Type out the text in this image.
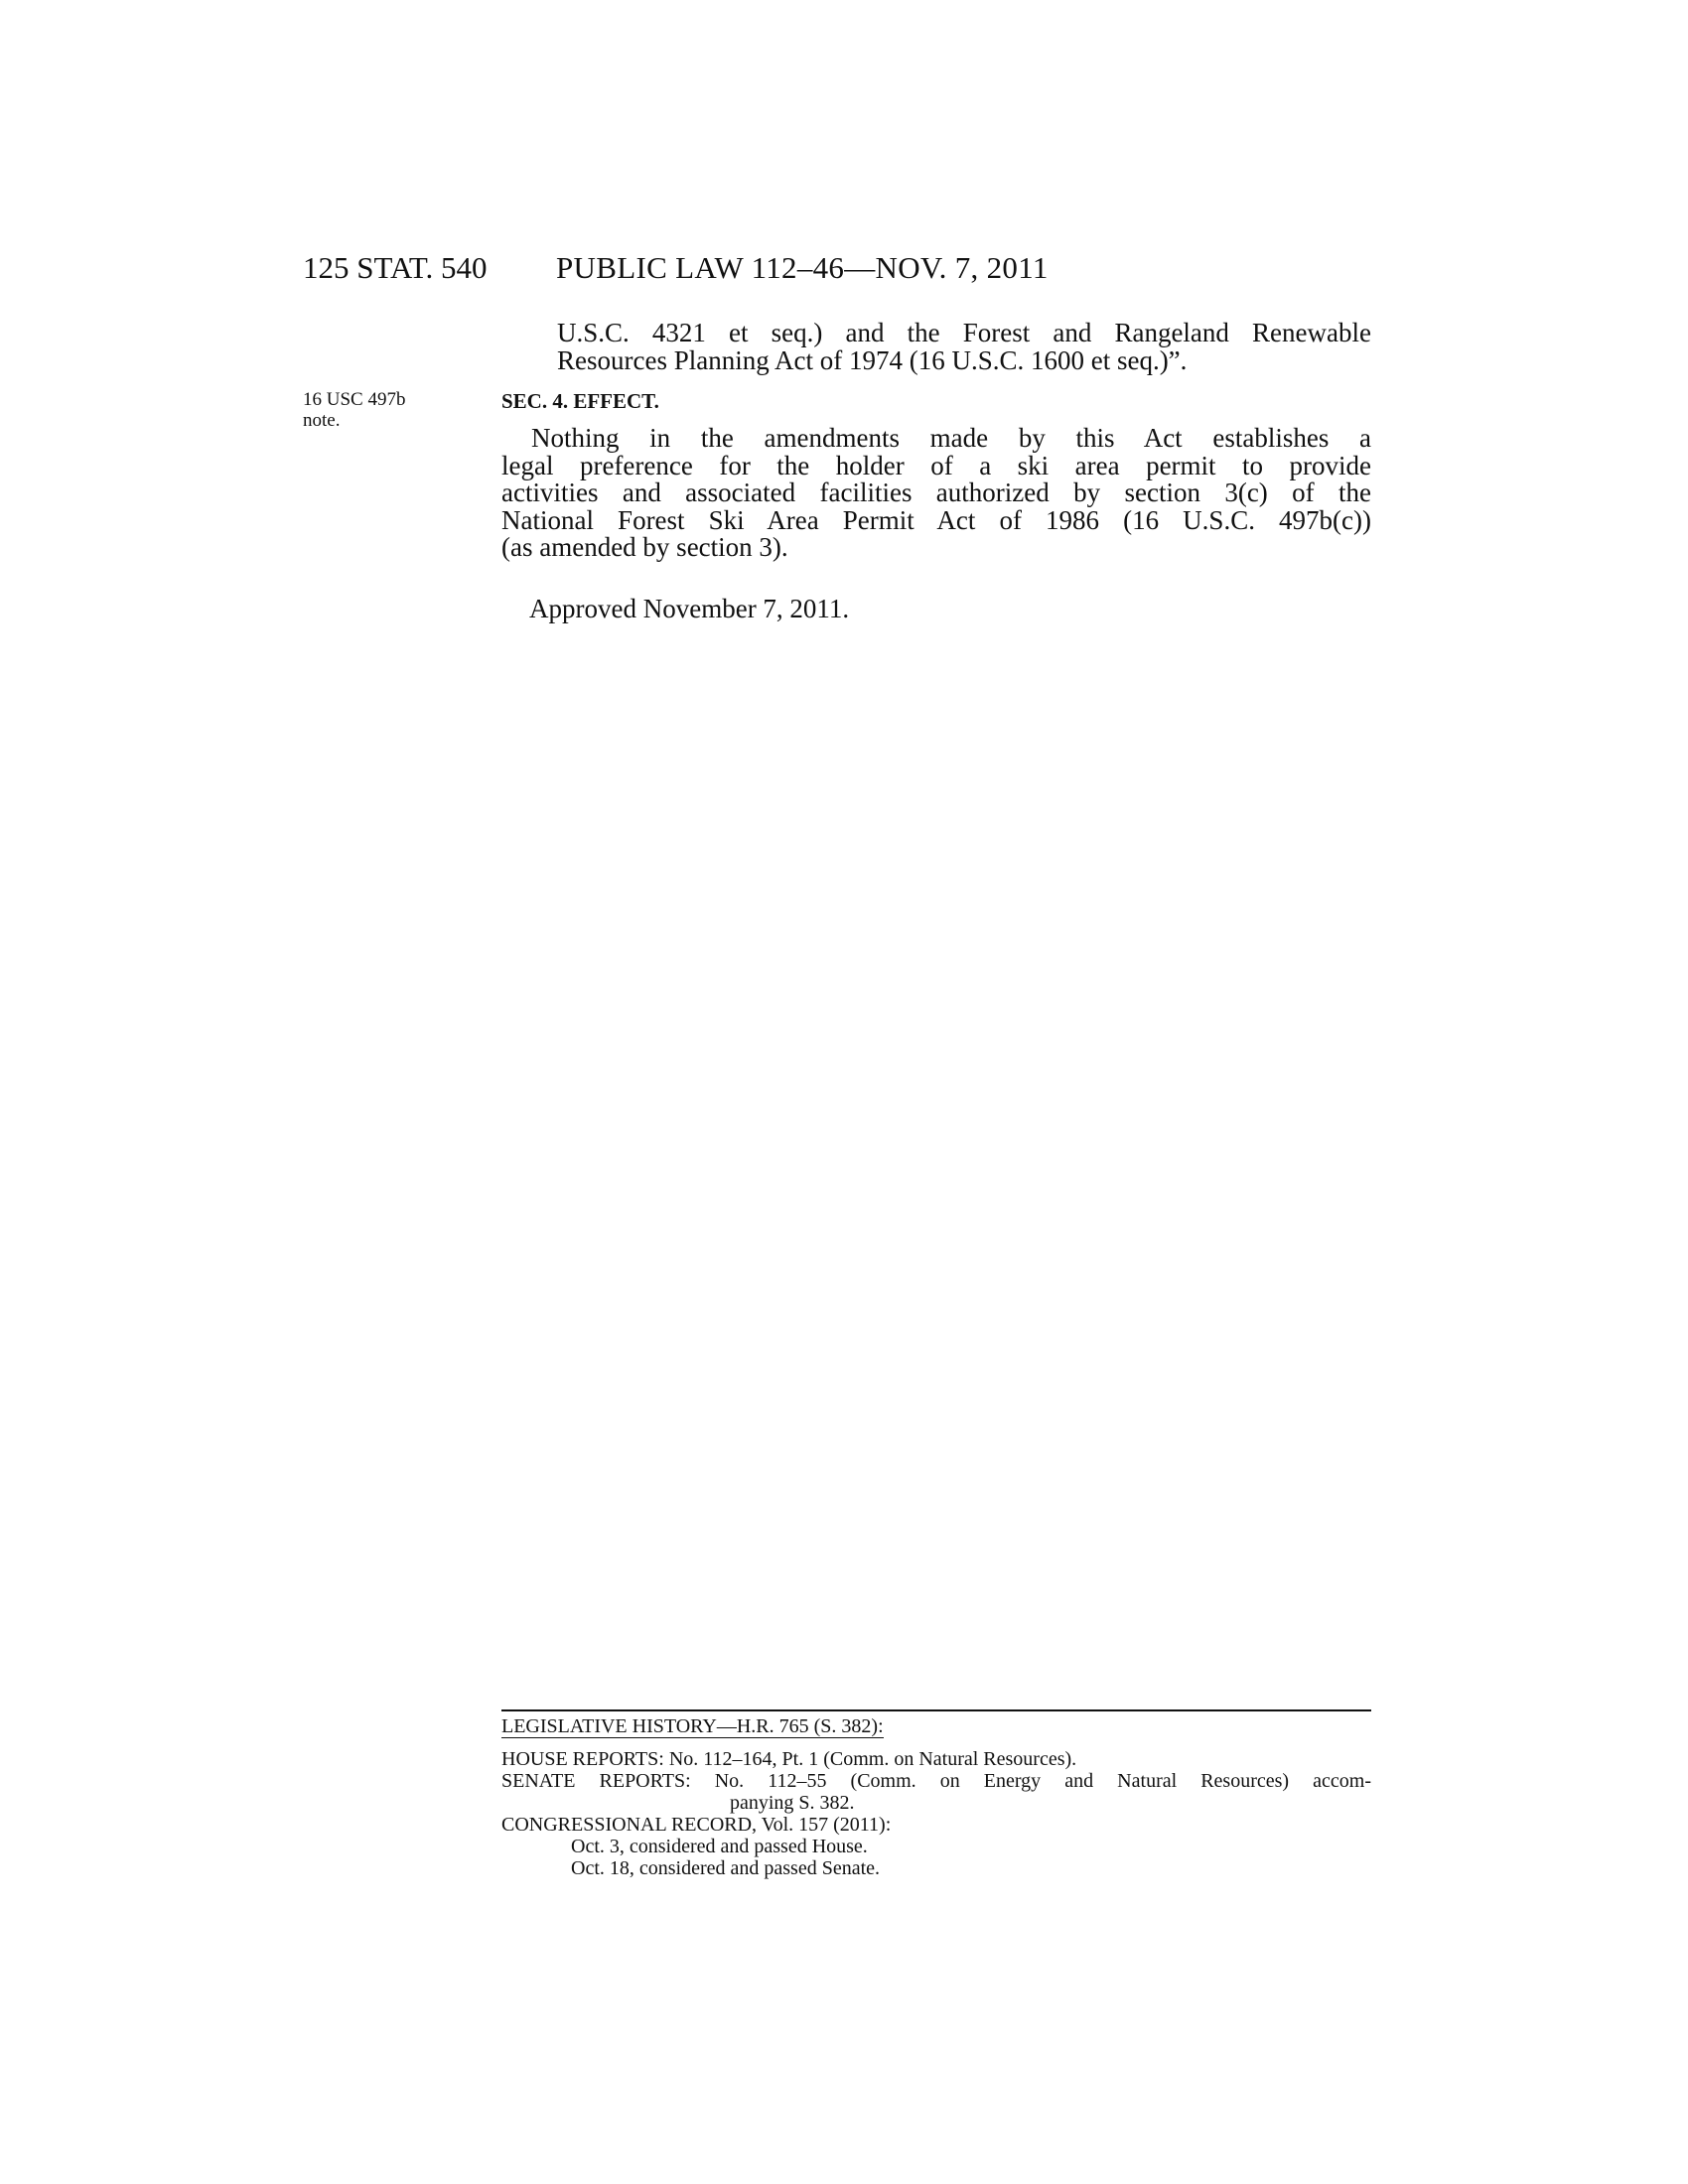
125 STAT. 540 PUBLIC LAW 112–46—NOV. 7, 2011
U.S.C. 4321 et seq.) and the Forest and Rangeland Renewable
Resources Planning Act of 1974 (16 U.S.C. 1600 et seq.)”.
16 USC 497b
note.
SEC. 4. EFFECT.
Nothing in the amendments made by this Act establishes a
legal preference for the holder of a ski area permit to provide
activities and associated facilities authorized by section 3(c) of the
National Forest Ski Area Permit Act of 1986 (16 U.S.C. 497b(c))
(as amended by section 3).
Approved November 7, 2011.
LEGISLATIVE HISTORY—H.R. 765 (S. 382):
HOUSE REPORTS: No. 112–164, Pt. 1 (Comm. on Natural Resources).
SENATE REPORTS: No. 112–55 (Comm. on Energy and Natural Resources) accom-
panying S. 382.
CONGRESSIONAL RECORD, Vol. 157 (2011):
Oct. 3, considered and passed House.
Oct. 18, considered and passed Senate.
